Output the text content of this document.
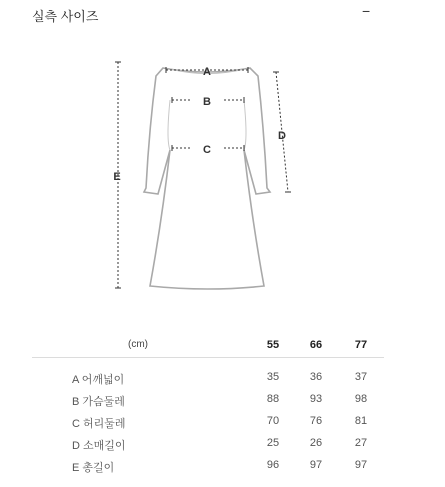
실측 사이즈	−
A
B
C
D
E
(cm)	55	66	77
A 어깨넓이	35	36	37
B 가슴둘레	88	93	98
C 허리둘레	70	76	81
D 소매길이	25	26	27
E 총길이	96	97	97
